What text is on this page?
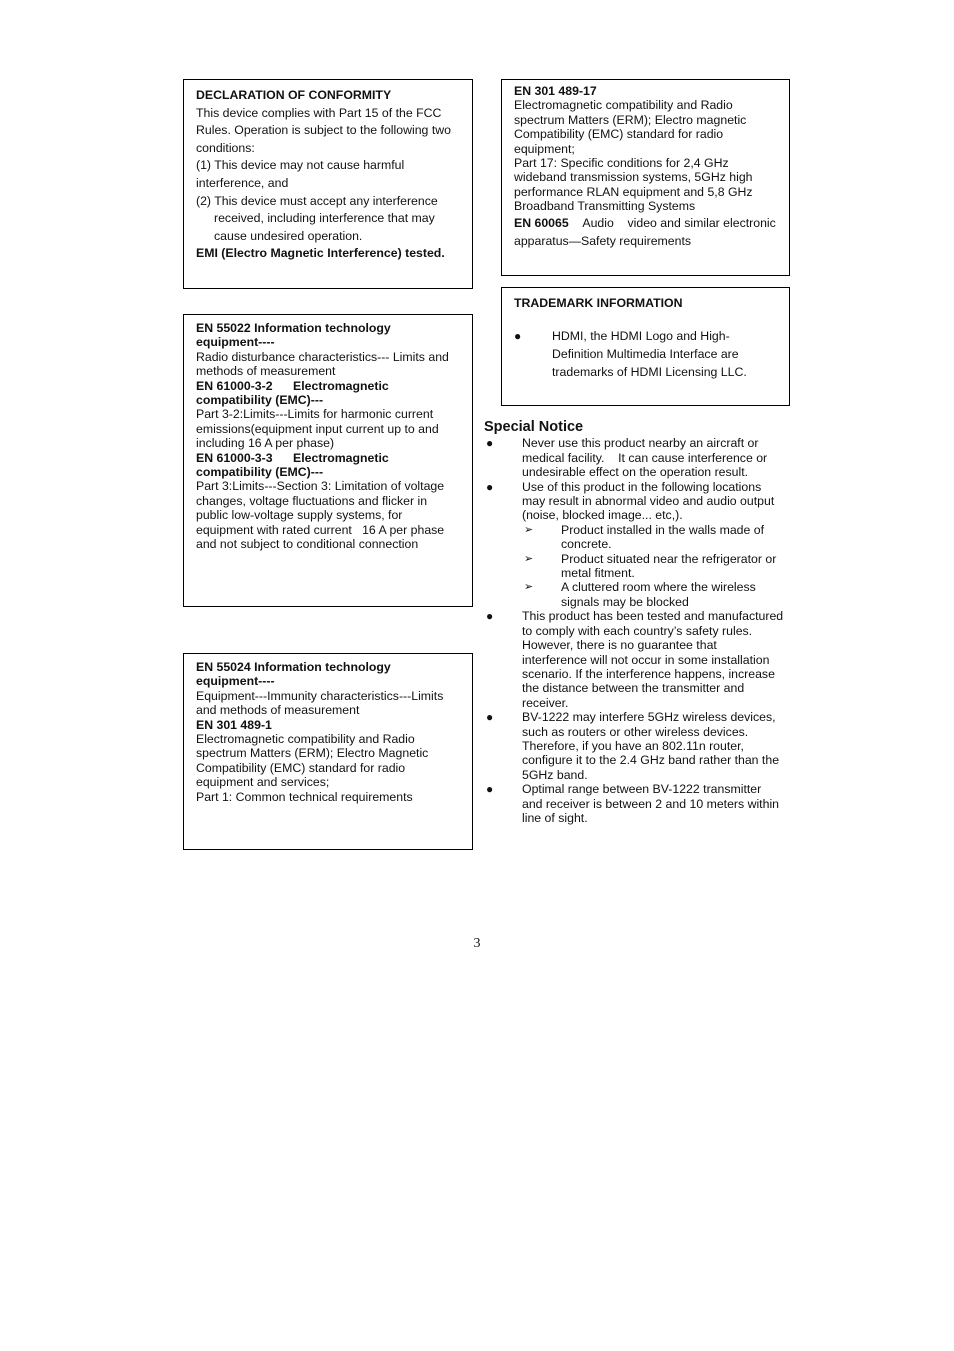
DECLARATION OF CONFORMITY
This device complies with Part 15 of the FCC Rules. Operation is subject to the following two conditions:
(1) This device may not cause harmful interference, and
(2) This device must accept any interference received, including interference that may cause undesired operation.
EMI (Electro Magnetic Interference) tested.
EN 55022 Information technology equipment----
Radio disturbance characteristics--- Limits and methods of measurement
EN 61000-3-2      Electromagnetic compatibility (EMC)---
Part 3-2:Limits---Limits for harmonic current emissions(equipment input current up to and including 16 A per phase)
EN 61000-3-3      Electromagnetic compatibility (EMC)---
Part 3:Limits---Section 3: Limitation of voltage changes, voltage fluctuations and flicker in public low-voltage supply systems, for equipment with rated current   16 A per phase and not subject to conditional connection
EN 55024 Information technology equipment----
Equipment---Immunity characteristics---Limits and methods of measurement
EN 301 489-1
Electromagnetic compatibility and Radio spectrum Matters (ERM); Electro Magnetic Compatibility (EMC) standard for radio equipment and services;
Part 1: Common technical requirements
EN 301 489-17
Electromagnetic compatibility and Radio spectrum Matters (ERM); Electro magnetic Compatibility (EMC) standard for radio equipment;
Part 17: Specific conditions for 2,4 GHz wideband transmission systems, 5GHz high performance RLAN equipment and 5,8 GHz Broadband Transmitting Systems
EN 60065    Audio    video and similar electronic apparatus—Safety requirements
TRADEMARK INFORMATION
●	HDMI, the HDMI Logo and High-Definition Multimedia Interface are trademarks of HDMI Licensing LLC.
Special Notice
● Never use this product nearby an aircraft or medical facility.    It can cause interference or undesirable effect on the operation result.
● Use of this product in the following locations may result in abnormal video and audio output (noise, blocked image... etc,).
➢ Product installed in the walls made of concrete.
➢ Product situated near the refrigerator or metal fitment.
➢ A cluttered room where the wireless signals may be blocked
● This product has been tested and manufactured to comply with each country’s safety rules. However, there is no guarantee that interference will not occur in some installation scenario. If the interference happens, increase the distance between the transmitter and receiver.
● BV-1222 may interfere 5GHz wireless devices, such as routers or other wireless devices. Therefore, if you have an 802.11n router, configure it to the 2.4 GHz band rather than the 5GHz band.
● Optimal range between BV-1222 transmitter and receiver is between 2 and 10 meters within line of sight.
3
